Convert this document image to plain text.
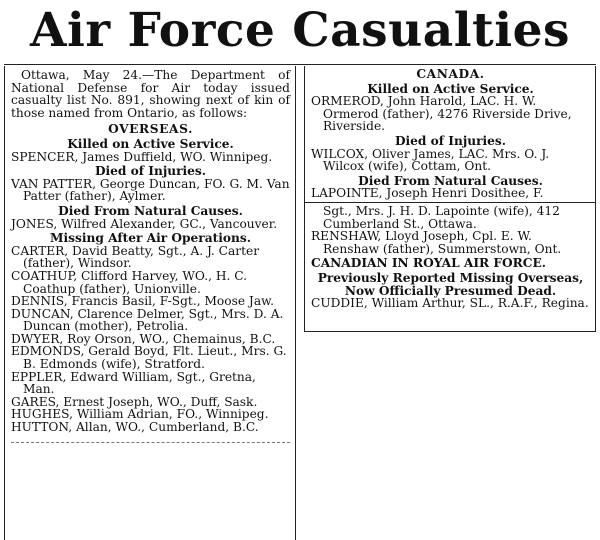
Air Force Casualties

Ottawa, May 24.—The Department of National Defense for Air today issued casualty list No. 891, showing next of kin of those named from Ontario, as follows:

OVERSEAS.

Killed on Active Service.

SPENCER, James Duffield, WO. Winnipeg.

Died of Injuries.

VAN PATTER, George Duncan, FO. G. M. Van Patter (father), Aylmer.

Died From Natural Causes.

JONES, Wilfred Alexander, GC., Vancouver.

Missing After Air Operations.

CARTER, David Beatty, Sgt., A. J. Carter (father), Windsor.

COATHUP, Clifford Harvey, WO., H. C. Coathup (father), Unionville.

DENNIS, Francis Basil, F-Sgt., Moose Jaw.

DUNCAN, Clarence Delmer, Sgt., Mrs. D. A. Duncan (mother), Petrolia.

DWYER, Roy Orson, WO., Chemainus, B.C.

EDMONDS, Gerald Boyd, Flt. Lieut., Mrs. G. B. Edmonds (wife), Stratford.

EPPLER, Edward William, Sgt., Gretna, Man.

GARES, Ernest Joseph, WO., Duff, Sask.

HUGHES, William Adrian, FO., Winnipeg.

HUTTON, Allan, WO., Cumberland, B.C.

CANADA.

Killed on Active Service.

ORMEROD, John Harold, LAC. H. W. Ormerod (father), 4276 Riverside Drive, Riverside.

Died of Injuries.

WILCOX, Oliver James, LAC. Mrs. O. J. Wilcox (wife), Cottam, Ont.

Died From Natural Causes.

LAPOINTE, Joseph Henri Dosithee, F.

Sgt., Mrs. J. H. D. Lapointe (wife), 412 Cumberland St., Ottawa.

RENSHAW, Lloyd Joseph, Cpl. E. W. Renshaw (father), Summerstown, Ont.

CANADIAN IN ROYAL AIR FORCE.

Previously Reported Missing Overseas, Now Officially Presumed Dead.

CUDDIE, William Arthur, SL., R.A.F., Regina.
